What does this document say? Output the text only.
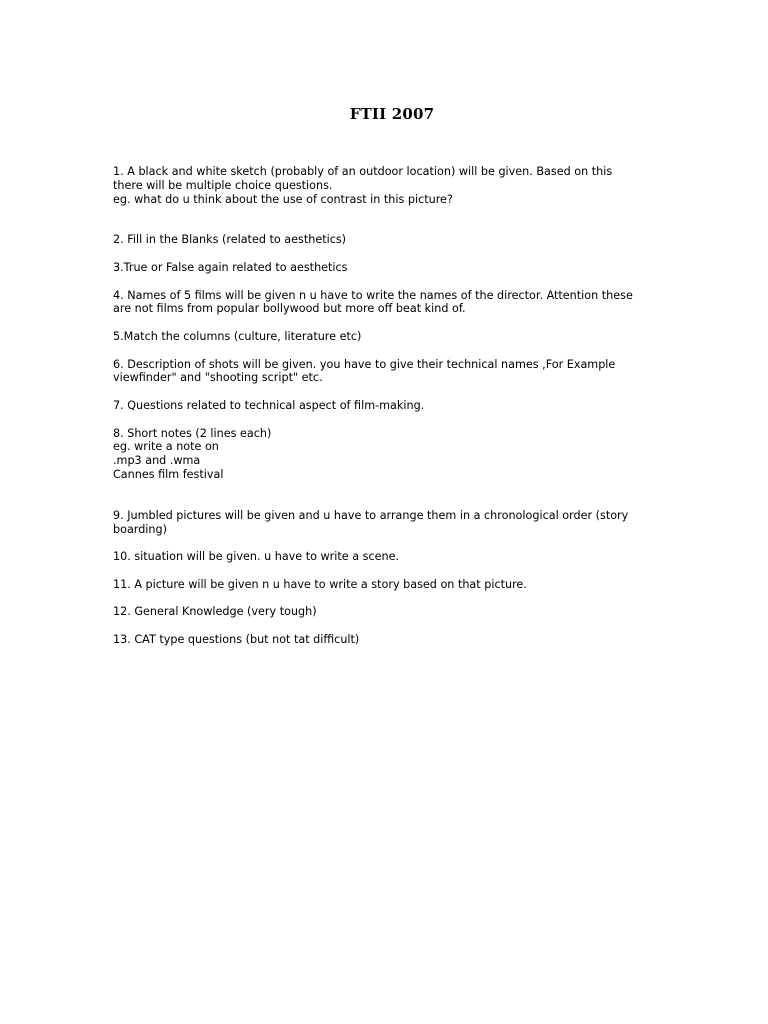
FTII 2007
1. A black and white sketch (probably of an outdoor location) will be given. Based on this
there will be multiple choice questions.
eg. what do u think about the use of contrast in this picture?
2. Fill in the Blanks (related to aesthetics)
3.True or False again related to aesthetics
4. Names of 5 films will be given n u have to write the names of the director. Attention these
are not films from popular bollywood but more off beat kind of.
5.Match the columns (culture, literature etc)
6. Description of shots will be given. you have to give their technical names ,For Example
viewfinder" and "shooting script" etc.
7. Questions related to technical aspect of film-making.
8. Short notes (2 lines each)
eg. write a note on
.mp3 and .wma
Cannes film festival
9. Jumbled pictures will be given and u have to arrange them in a chronological order (story
boarding)
10. situation will be given. u have to write a scene.
11. A picture will be given n u have to write a story based on that picture.
12. General Knowledge (very tough)
13. CAT type questions (but not tat difficult)
